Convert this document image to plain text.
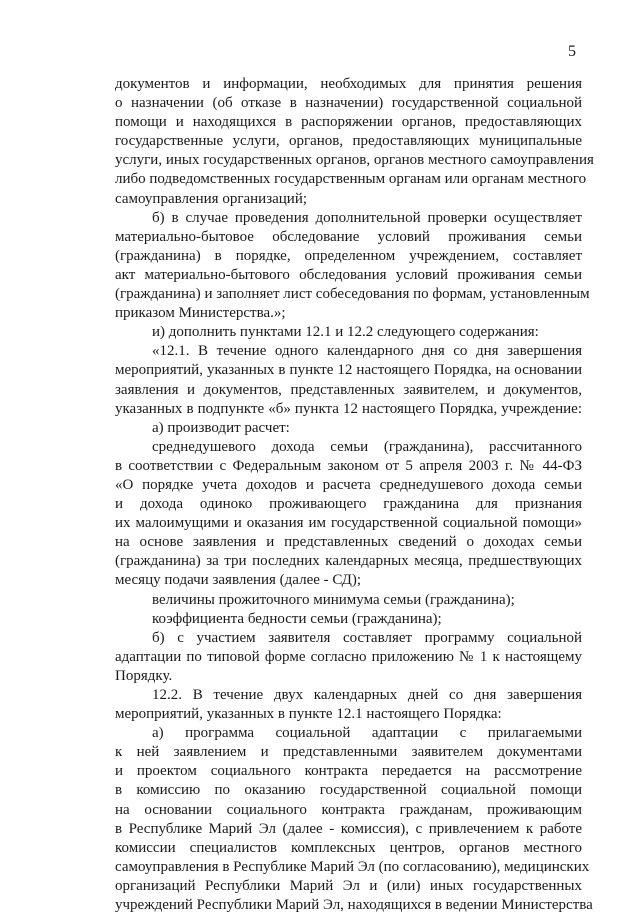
5
документов и информации, необходимых для принятия решения
о назначении (об отказе в назначении) государственной социальной
помощи и находящихся в распоряжении органов, предоставляющих
государственные услуги, органов, предоставляющих муниципальные
услуги, иных государственных органов, органов местного самоуправления
либо подведомственных государственным органам или органам местного
самоуправления организаций;
б) в случае проведения дополнительной проверки осуществляет
материально-бытовое обследование условий проживания семьи
(гражданина) в порядке, определенном учреждением, составляет
акт материально-бытового обследования условий проживания семьи
(гражданина) и заполняет лист собеседования по формам, установленным
приказом Министерства.»;
и) дополнить пунктами 12.1 и 12.2 следующего содержания:
«12.1. В течение одного календарного дня со дня завершения
мероприятий, указанных в пункте 12 настоящего Порядка, на основании
заявления и документов, представленных заявителем, и документов,
указанных в подпункте «б» пункта 12 настоящего Порядка, учреждение:
а) производит расчет:
среднедушевого дохода семьи (гражданина), рассчитанного
в соответствии с Федеральным законом от 5 апреля 2003 г. № 44-ФЗ
«О порядке учета доходов и расчета среднедушевого дохода семьи
и дохода одиноко проживающего гражданина для признания
их малоимущими и оказания им государственной социальной помощи»
на основе заявления и представленных сведений о доходах семьи
(гражданина) за три последних календарных месяца, предшествующих
месяцу подачи заявления (далее - СД);
величины прожиточного минимума семьи (гражданина);
коэффициента бедности семьи (гражданина);
б) с участием заявителя составляет программу социальной
адаптации по типовой форме согласно приложению № 1 к настоящему
Порядку.
12.2. В течение двух календарных дней со дня завершения
мероприятий, указанных в пункте 12.1 настоящего Порядка:
а) программа социальной адаптации с прилагаемыми
к ней заявлением и представленными заявителем документами
и проектом социального контракта передается на рассмотрение
в комиссию по оказанию государственной социальной помощи
на основании социального контракта гражданам, проживающим
в Республике Марий Эл (далее - комиссия), с привлечением к работе
комиссии специалистов комплексных центров, органов местного
самоуправления в Республике Марий Эл (по согласованию), медицинских
организаций Республики Марий Эл и (или) иных государственных
учреждений Республики Марий Эл, находящихся в ведении Министерства
